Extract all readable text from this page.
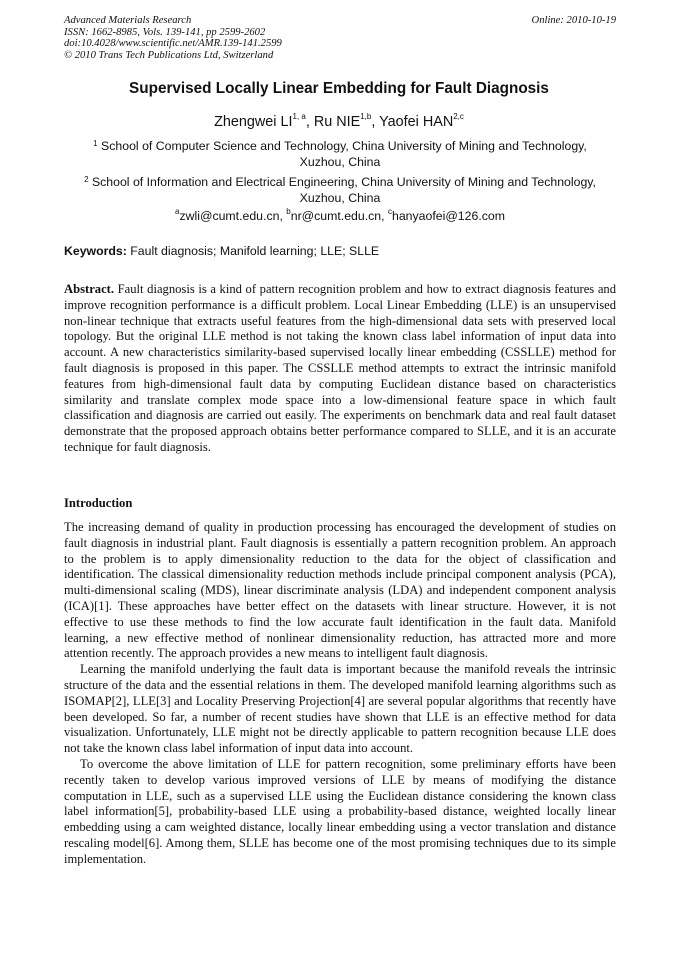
Advanced Materials Research
ISSN: 1662-8985, Vols. 139-141, pp 2599-2602
doi:10.4028/www.scientific.net/AMR.139-141.2599
© 2010 Trans Tech Publications Ltd, Switzerland
Online: 2010-10-19
Supervised Locally Linear Embedding for Fault Diagnosis
Zhengwei LI$^{1, a}$, Ru NIE$^{1,b}$, Yaofei HAN$^{2,c}$
$^1$ School of Computer Science and Technology, China University of Mining and Technology,
Xuzhou, China
$^2$ School of Information and Electrical Engineering, China University of Mining and Technology,
Xuzhou, China
$^a$zwli@cumt.edu.cn, $^b$nr@cumt.edu.cn, $^c$hanyaofei@126.com
Keywords: Fault diagnosis; Manifold learning; LLE; SLLE

Abstract. Fault diagnosis is a kind of pattern recognition problem and how to extract diagnosis features and improve recognition performance is a difficult problem. Local Linear Embedding (LLE) is an unsupervised non-linear technique that extracts useful features from the high-dimensional data sets with preserved local topology. But the original LLE method is not taking the known class label information of input data into account. A new characteristics similarity-based supervised locally linear embedding (CSSLLE) method for fault diagnosis is proposed in this paper. The CSSLLE method attempts to extract the intrinsic manifold features from high-dimensional fault data by computing Euclidean distance based on characteristics similarity and translate complex mode space into a low-dimensional feature space in which fault classification and diagnosis are carried out easily. The experiments on benchmark data and real fault dataset demonstrate that the proposed approach obtains better performance compared to SLLE, and it is an accurate technique for fault diagnosis.

Introduction

The increasing demand of quality in production processing has encouraged the development of studies on fault diagnosis in industrial plant. Fault diagnosis is essentially a pattern recognition problem. An approach to the problem is to apply dimensionality reduction to the data for the object of classification and identification. The classical dimensionality reduction methods include principal component analysis (PCA), multi-dimensional scaling (MDS), linear discriminate analysis (LDA) and independent component analysis (ICA)[1]. These approaches have better effect on the datasets with linear structure. However, it is not effective to use these methods to find the low accurate fault identification in the fault data. Manifold learning, a new effective method of nonlinear dimensionality reduction, has attracted more and more attention recently. The approach provides a new means to intelligent fault diagnosis.

Learning the manifold underlying the fault data is important because the manifold reveals the intrinsic structure of the data and the essential relations in them. The developed manifold learning algorithms such as ISOMAP[2], LLE[3] and Locality Preserving Projection[4] are several popular algorithms that recently have been developed. So far, a number of recent studies have shown that LLE is an effective method for data visualization. Unfortunately, LLE might not be directly applicable to pattern recognition because LLE does not take the known class label information of input data into account.

To overcome the above limitation of LLE for pattern recognition, some preliminary efforts have been recently taken to develop various improved versions of LLE by means of modifying the distance computation in LLE, such as a supervised LLE using the Euclidean distance considering the known class label information[5], probability-based LLE using a probability-based distance, weighted locally linear embedding using a cam weighted distance, locally linear embedding using a vector translation and distance rescaling model[6]. Among them, SLLE has become one of the most promising techniques due to its simple implementation.
